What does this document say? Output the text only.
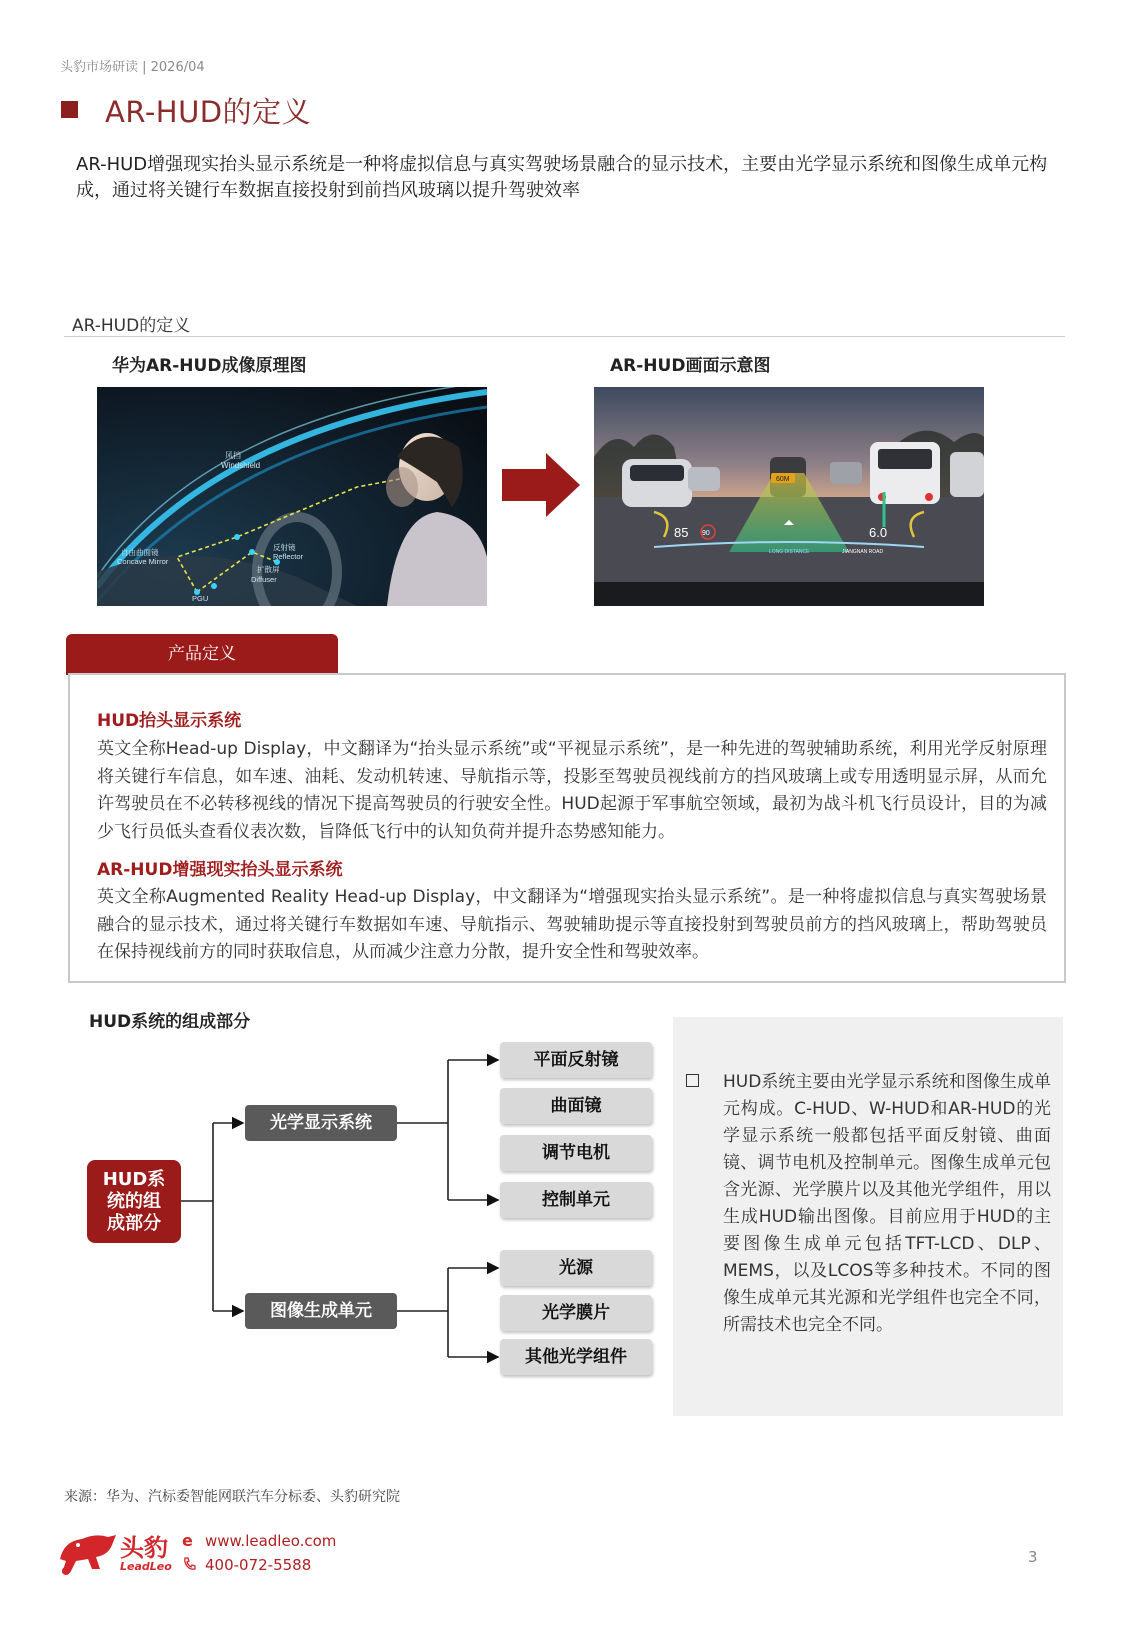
头豹市场研读 | 2026/04
AR-HUD的定义
AR-HUD增强现实抬头显示系统是一种将虚拟信息与真实驾驶场景融合的显示技术，主要由光学显示系统和图像生成单元构成，通过将关键行车数据直接投射到前挡风玻璃以提升驾驶效率
AR-HUD的定义
华为AR-HUD成像原理图	AR-HUD画面示意图
风挡
Windshield
反射镜
Reflector
自由曲面镜
Concave Mirror
扩散屏
Diffuser
PGU
60M
85 90	6.0
JIANGNAN ROAD
LONG DISTANCE
产品定义
HUD抬头显示系统
英文全称Head-up Display，中文翻译为“抬头显示系统”或“平视显示系统”，是一种先进的驾驶辅助系统，利用光学反射原理将关键行车信息，如车速、油耗、发动机转速、导航指示等，投影至驾驶员视线前方的挡风玻璃上或专用透明显示屏，从而允许驾驶员在不必转移视线的情况下提高驾驶员的行驶安全性。HUD起源于军事航空领域，最初为战斗机飞行员设计，目的为减少飞行员低头查看仪表次数，旨降低飞行中的认知负荷并提升态势感知能力。
AR-HUD增强现实抬头显示系统
英文全称Augmented Reality Head-up Display，中文翻译为“增强现实抬头显示系统”。是一种将虚拟信息与真实驾驶场景融合的显示技术，通过将关键行车数据如车速、导航指示、驾驶辅助提示等直接投射到驾驶员前方的挡风玻璃上，帮助驾驶员在保持视线前方的同时获取信息，从而减少注意力分散，提升安全性和驾驶效率。
HUD系统的组成部分
HUD系
统的组
成部分
光学显示系统
图像生成单元
平面反射镜
曲面镜
调节电机
控制单元
光源
光学膜片
其他光学组件
HUD系统主要由光学显示系统和图像生成单元构成。C-HUD、W-HUD和AR-HUD的光学显示系统一般都包括平面反射镜、曲面镜、调节电机及控制单元。图像生成单元包含光源、光学膜片以及其他光学组件，用以生成HUD输出图像。目前应用于HUD的主要图像生成单元包括TFT-LCD、DLP、MEMS，以及LCOS等多种技术。不同的图像生成单元其光源和光学组件也完全不同，所需技术也完全不同。
来源：华为、汽标委智能网联汽车分标委、头豹研究院
头豹
LeadLeo
e www.leadleo.com
400-072-5588	3
